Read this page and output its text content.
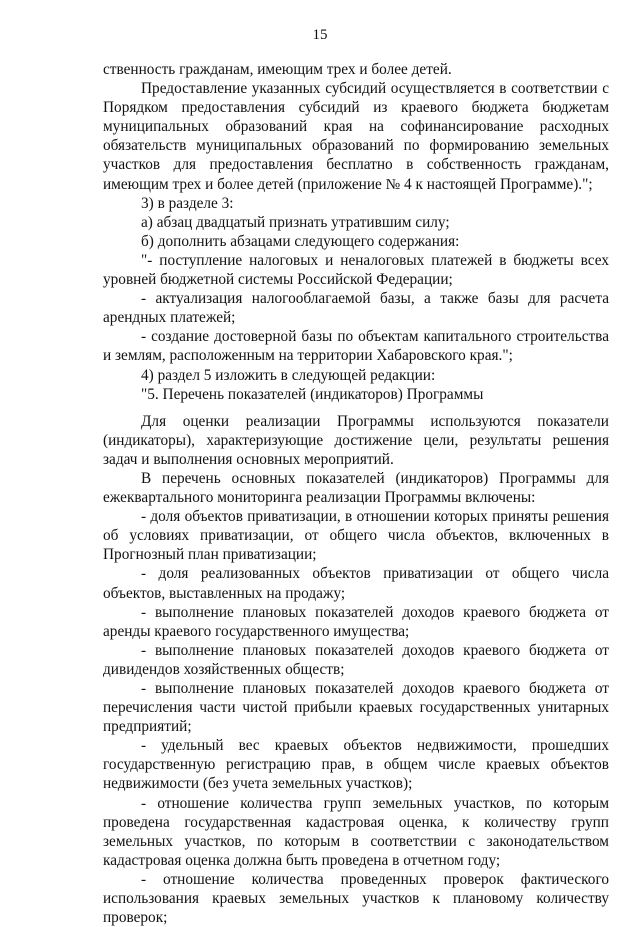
15

ственность гражданам, имеющим трех и более детей.

Предоставление указанных субсидий осуществляется в соответствии с Порядком предоставления субсидий из краевого бюджета бюджетам муниципальных образований края на софинансирование расходных обязательств муниципальных образований по формированию земельных участков для предоставления бесплатно в собственность гражданам, имеющим трех и более детей (приложение № 4 к настоящей Программе).";

3) в разделе 3:

а) абзац двадцатый признать утратившим силу;

б) дополнить абзацами следующего содержания:

"- поступление налоговых и неналоговых платежей в бюджеты всех уровней бюджетной системы Российской Федерации;

- актуализация налогооблагаемой базы, а также базы для расчета арендных платежей;

- создание достоверной базы по объектам капитального строительства и землям, расположенным на территории Хабаровского края.";

4) раздел 5 изложить в следующей редакции:

"5. Перечень показателей (индикаторов) Программы

Для оценки реализации Программы используются показатели (индикаторы), характеризующие достижение цели, результаты решения задач и выполнения основных мероприятий.

В перечень основных показателей (индикаторов) Программы для ежеквартального мониторинга реализации Программы включены:

- доля объектов приватизации, в отношении которых приняты решения об условиях приватизации, от общего числа объектов, включенных в Прогнозный план приватизации;

- доля реализованных объектов приватизации от общего числа объектов, выставленных на продажу;

- выполнение плановых показателей доходов краевого бюджета от аренды краевого государственного имущества;

- выполнение плановых показателей доходов краевого бюджета от дивидендов хозяйственных обществ;

- выполнение плановых показателей доходов краевого бюджета от перечисления части чистой прибыли краевых государственных унитарных предприятий;

- удельный вес краевых объектов недвижимости, прошедших государственную регистрацию прав, в общем числе краевых объектов недвижимости (без учета земельных участков);

- отношение количества групп земельных участков, по которым проведена государственная кадастровая оценка, к количеству групп земельных участков, по которым в соответствии с законодательством кадастровая оценка должна быть проведена в отчетном году;

- отношение количества проведенных проверок фактического использования краевых земельных участков к плановому количеству проверок;
